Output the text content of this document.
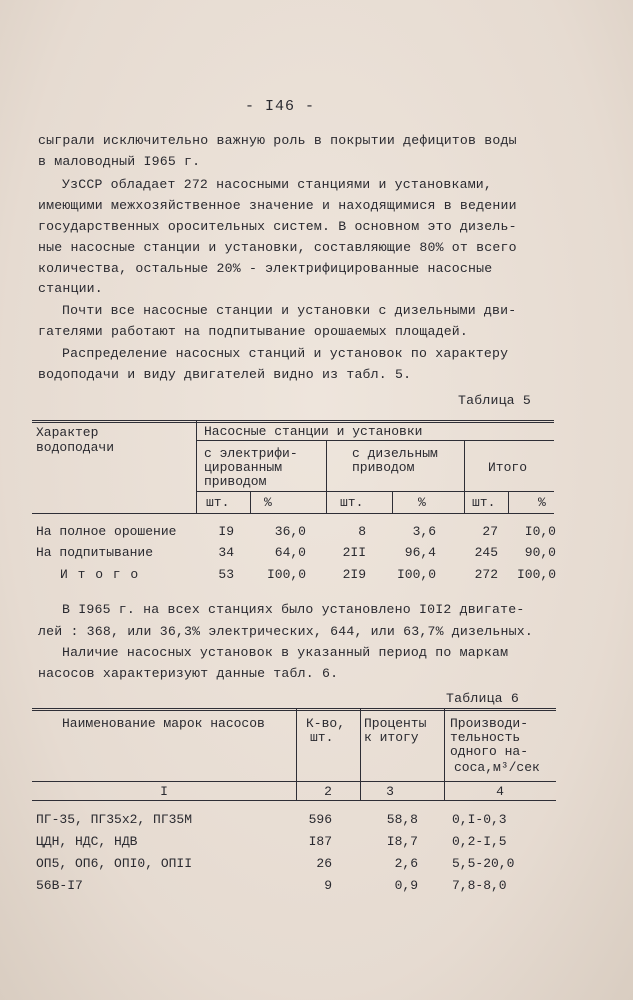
- I46 -
сыграли исключительно важную роль в покрытии дефицитов воды
в маловодный I965 г.
УзССР обладает 272 насосными станциями и установками,
имеющими межхозяйственное значение и находящимися в ведении
государственных оросительных систем. В основном это дизель-
ные насосные станции и установки, составляющие 80% от всего
количества, остальные 20% - электрифицированные насосные
станции.
Почти все насосные станции и установки с дизельными дви-
гателями работают на подпитывание орошаемых площадей.
Распределение насосных станций и установок по характеру
водоподачи и виду двигателей видно из табл. 5.
Таблица 5
Характер
водоподачи
Насосные станции и установки
с электрифи-
цированным
приводом
с дизельным
приводом	Итого
шт.	%	шт.	%	шт.	%
На полное орошение	I9	36,0	8	3,6	27	I0,0
На подпитывание	34	64,0	2II	96,4	245	90,0
И т о г о	53	I00,0	2I9	I00,0	272	I00,0
В I965 г. на всех станциях было установлено I0I2 двигате-
лей : 368, или 36,3% электрических, 644, или 63,7% дизельных.
Наличие насосных установок в указанный период по маркам
насосов характеризуют данные табл. 6.
Таблица 6
Наименование марок насосов	К-во,
шт.
Проценты
к итогу
Производи-
тельность
одного на-
соса,м³/сек
I	2	3	4
ПГ-35, ПГ35х2, ПГ35М	596	58,8	0,I-0,3
ЦДН, НДС, НДВ	I87	I8,7	0,2-I,5
ОП5, ОП6, ОПI0, ОПII	26	2,6	5,5-20,0
56В-I7	9	0,9	7,8-8,0
